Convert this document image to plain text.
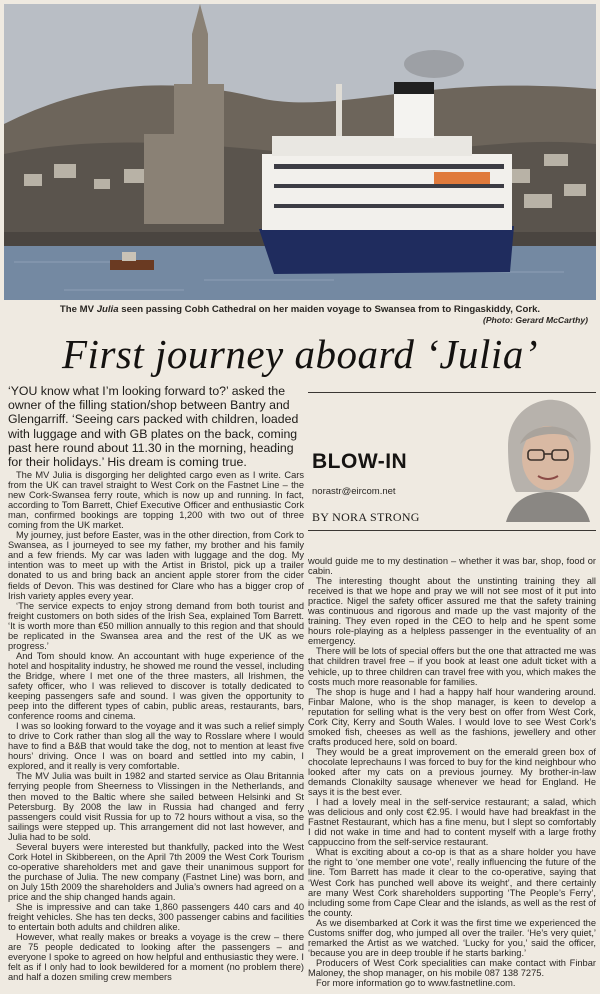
The MV Julia seen passing Cobh Cathedral on her maiden voyage to Swansea from to Ringaskiddy, Cork.
(Photo: Gerard McCarthy)
First journey aboard ‘Julia’
‘YOU know what I’m looking forward to?’ asked the owner of the filling station/shop between Bantry and Glengarriff. ‘Seeing cars packed with children, loaded with luggage and with GB plates on the back, coming past here round about 11.30 in the morning, heading for their holidays.’ His dream is coming true.

The MV Julia is disgorging her delighted cargo even as I write. Cars from the UK can travel straight to West Cork on the Fastnet Line – the new Cork-Swansea ferry route, which is now up and running. In fact, according to Tom Barrett, Chief Executive Officer and enthusiastic Cork man, confirmed bookings are topping 1,200 with two out of three coming from the UK market.

My journey, just before Easter, was in the other direction, from Cork to Swansea, as I journeyed to see my father, my brother and his family and a few friends. My car was laden with luggage and the dog. My intention was to meet up with the Artist in Bristol, pick up a trailer donated to us and bring back an ancient apple storer from the cider fields of Devon. This was destined for Clare who has a bigger crop of Irish variety apples every year.

‘The service expects to enjoy strong demand from both tourist and freight customers on both sides of the Irish Sea, explained Tom Barrett. ‘It is worth more than €50 million annually to this region and that should be replicated in the Swansea area and the rest of the UK as we progress.’

And Tom should know. An accountant with huge experience of the hotel and hospitality industry, he showed me round the vessel, including the Bridge, where I met one of the three masters, all Irishmen, the safety officer, who I was relieved to discover is totally dedicated to keeping passengers safe and sound. I was given the opportunity to peep into the different types of cabin, public areas, restaurants, bars, conference rooms and cinema.

I was so looking forward to the voyage and it was such a relief simply to drive to Cork rather than slog all the way to Rosslare where I would have to find a B&B that would take the dog, not to mention at least five hours’ driving. Once I was on board and settled into my cabin, I explored, and it really is very comfortable.

The MV Julia was built in 1982 and started service as Olau Britannia ferrying people from Sheerness to Vlissingen in the Netherlands, and then moved to the Baltic where she sailed between Helsinki and St Petersburg. By 2008 the law in Russia had changed and ferry passengers could visit Russia for up to 72 hours without a visa, so the sailings were stepped up. This arrangement did not last however, and Julia had to be sold.

Several buyers were interested but thankfully, packed into the West Cork Hotel in Skibbereen, on the April 7th 2009 the West Cork Tourism co-operative shareholders met and gave their unanimous support for the purchase of Julia. The new company (Fastnet Line) was born, and on July 15th 2009 the shareholders and Julia’s owners had agreed on a price and the ship changed hands again.

She is impressive and can take 1,860 passengers 440 cars and 40 freight vehicles. She has ten decks, 300 passenger cabins and facilities to entertain both adults and children alike.

However, what really makes or breaks a voyage is the crew – there are 75 people dedicated to looking after the passengers – and everyone I spoke to agreed on how helpful and enthusiastic they were. I felt as if I only had to look bewildered for a moment (no problem there) and half a dozen smiling crew members

BLOW-IN
norastr@eircom.net
BY NORA STRONG

would guide me to my destination – whether it was bar, shop, food or cabin.

The interesting thought about the unstinting training they all received is that we hope and pray we will not see most of it put into practice. Nigel the safety officer assured me that the safety training was continuous and rigorous and made up the vast majority of the training. They even roped in the CEO to help and he spent some hours role-playing as a helpless passenger in the eventuality of an emergency.

There will be lots of special offers but the one that attracted me was that children travel free – if you book at least one adult ticket with a vehicle, up to three children can travel free with you, which makes the costs much more reasonable for families.

The shop is huge and I had a happy half hour wandering around. Finbar Malone, who is the shop manager, is keen to develop a reputation for selling what is the very best on offer from West Cork, Cork City, Kerry and South Wales. I would love to see West Cork’s smoked fish, cheeses as well as the fashions, jewellery and other crafts produced here, sold on board.

They would be a great improvement on the emerald green box of chocolate leprechauns I was forced to buy for the kind neighbour who looked after my cats on a previous journey. My brother-in-law demands Clonakilty sausage whenever we head for England. He says it is the best ever.

I had a lovely meal in the self-service restaurant; a salad, which was delicious and only cost €2.95. I would have had breakfast in the Fastnet Restaurant, which has a fine menu, but I slept so comfortably I did not wake in time and had to content myself with a large frothy cappuccino from the self-service restaurant.

What is exciting about a co-op is that as a share holder you have the right to ‘one member one vote’, really influencing the future of the line. Tom Barrett has made it clear to the co-operative, saying that ‘West Cork has punched well above its weight’, and there certainly are many West Cork shareholders supporting ‘The People’s Ferry’, including some from Cape Clear and the islands, as well as the rest of the county.

As we disembarked at Cork it was the first time we experienced the Customs sniffer dog, who jumped all over the trailer. ‘He’s very quiet,’ remarked the Artist as we watched. ‘Lucky for you,’ said the officer, ‘because you are in deep trouble if he starts barking.’

Producers of West Cork specialities can make contact with Finbar Maloney, the shop manager, on his mobile 087 138 7275.

For more information go to www.fastnetline.com.
